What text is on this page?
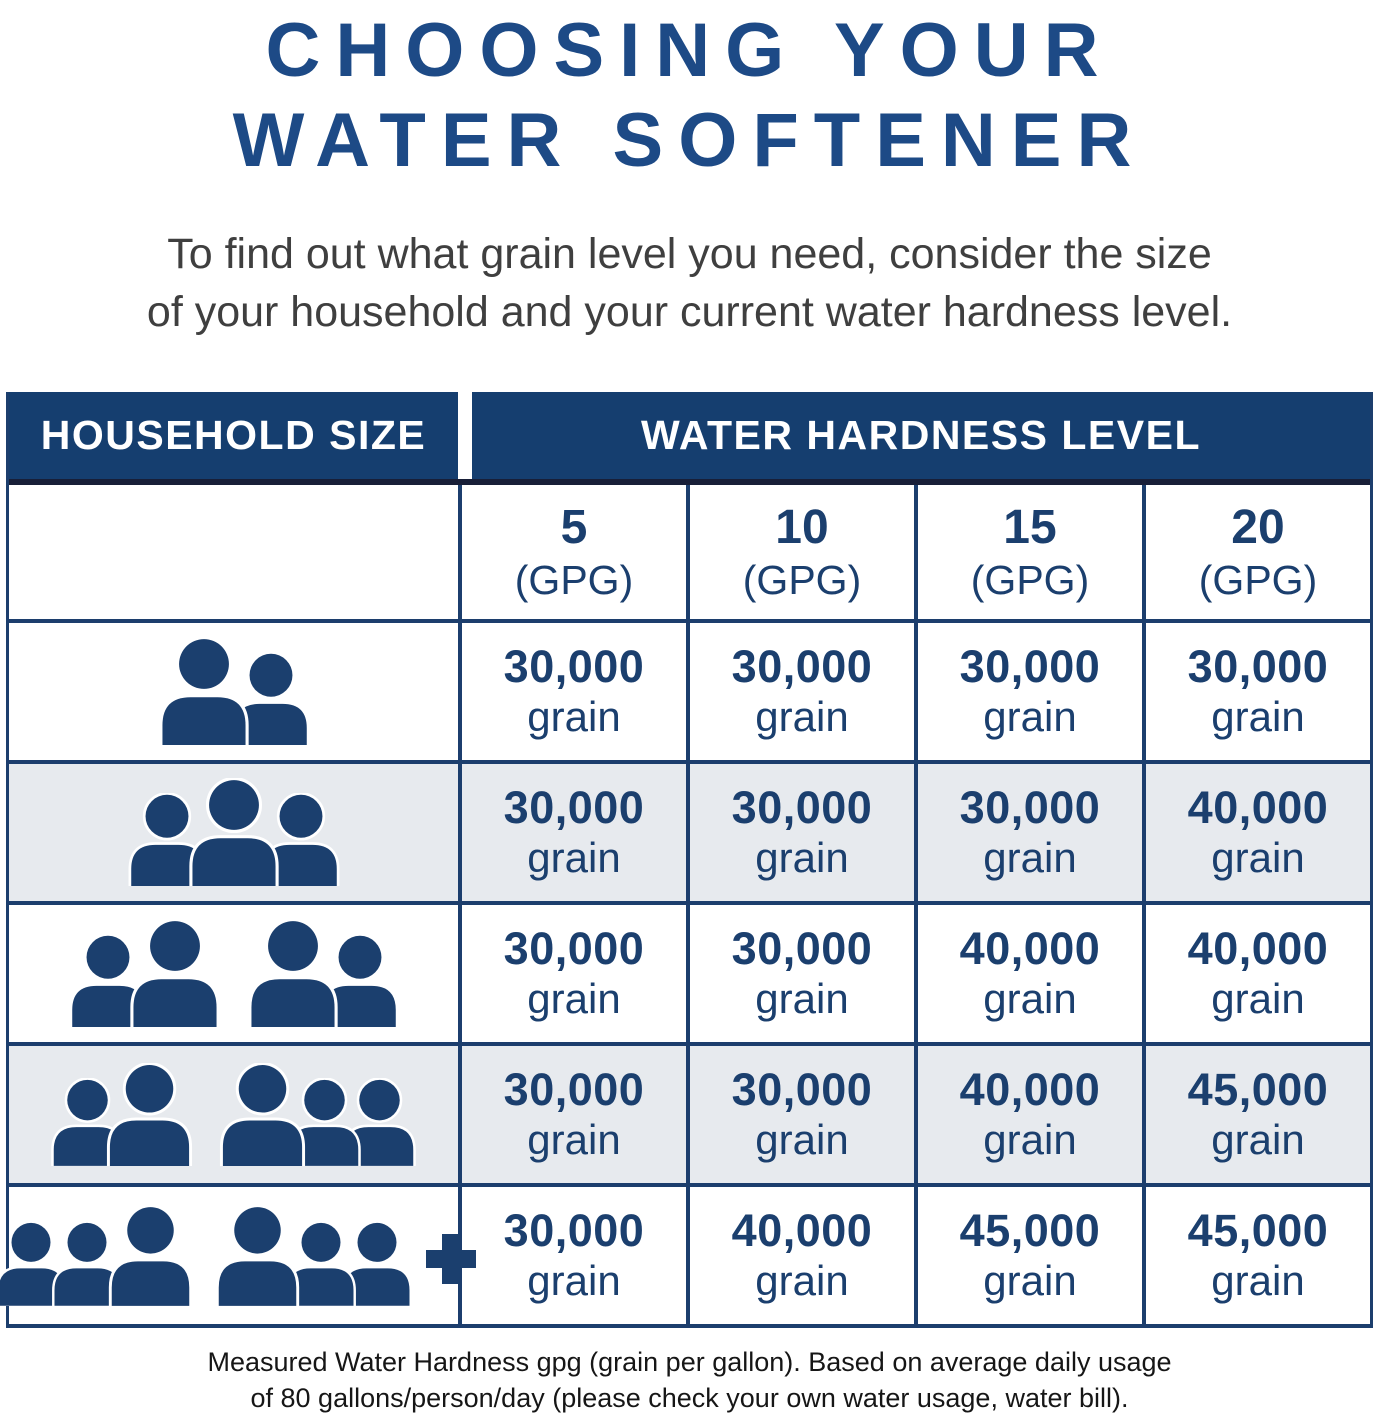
CHOOSING YOUR
WATER SOFTENER
To find out what grain level you need, consider the size
of your household and your current water hardness level.
HOUSEHOLD SIZE	WATER HARDNESS LEVEL
5
(GPG)
10
(GPG)
15
(GPG)
20
(GPG)
30,000
grain
30,000
grain
30,000
grain
30,000
grain
30,000
grain
30,000
grain
30,000
grain
40,000
grain
30,000
grain
30,000
grain
40,000
grain
40,000
grain
30,000
grain
30,000
grain
40,000
grain
45,000
grain
30,000
grain
40,000
grain
45,000
grain
45,000
grain
Measured Water Hardness gpg (grain per gallon). Based on average daily usage
of 80 gallons/person/day (please check your own water usage, water bill).
